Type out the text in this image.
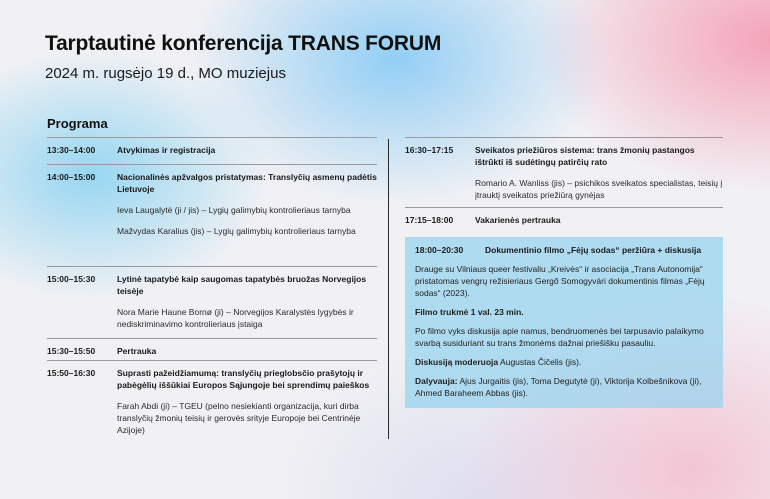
Tarptautinė konferencija TRANS FORUM
2024 m. rugsėjo 19 d., MO muziejus
Programa
13:30–14:00	Atvykimas ir registracija
14:00–15:00	Nacionalinės apžvalgos pristatymas: Translyčių asmenų padėtis Lietuvoje
Ieva Laugalytė (ji / jis) – Lygių galimybių kontrolieriaus tarnyba
Mažvydas Karalius (jis) – Lygių galimybių kontrolieriaus tarnyba
15:00–15:30	Lytinė tapatybė kaip saugomas tapatybės bruožas Norvegijos teisėje
Nora Marie Haune Bornø (ji) – Norvegijos Karalystės lygybės ir nediskriminavimo kontrolieriaus įstaiga
15:30–15:50	Pertrauka
15:50–16:30	Suprasti pažeidžiamumą: translyčių prieglobsčio prašytojų ir pabėgėlių iššūkiai Europos Sąjungoje bei sprendimų paieškos
Farah Abdi (ji) – TGEU (pelno nesiekianti organizacija, kuri dirba translyčių žmonių teisių ir gerovės srityje Europoje bei Centrinėje Azijoje)
16:30–17:15	Sveikatos priežiūros sistema: trans žmonių pastangos ištrūkti iš sudėtingų patirčių rato
Romario A. Wanliss (jis) – psichikos sveikatos specialistas, teisių į įtrauktį sveikatos priežiūrą gynėjas
17:15–18:00	Vakarienės pertrauka
18:00–20:30	Dokumentinio filmo „Fėjų sodas“ peržiūra + diskusija
Drauge su Vilniaus queer festivaliu „Kreivės“ ir asociacija „Trans Autonomija“ pristatomas vengrų režisieriaus Gergő Somogyvári dokumentinis filmas „Fėjų sodas“ (2023).
Filmo trukmė 1 val. 23 min.
Po filmo vyks diskusija apie namus, bendruomenės bei tarpusavio palaikymo svarbą susiduriant su trans žmonėms dažnai priešišku pasauliu.
Diskusiją moderuoja Augustas Čičelis (jis).
Dalyvauja: Ajus Jurgaitis (jis), Toma Degutytė (ji), Viktorija Kolbešnikova (ji), Ahmed Baraheem Abbas (jis).
